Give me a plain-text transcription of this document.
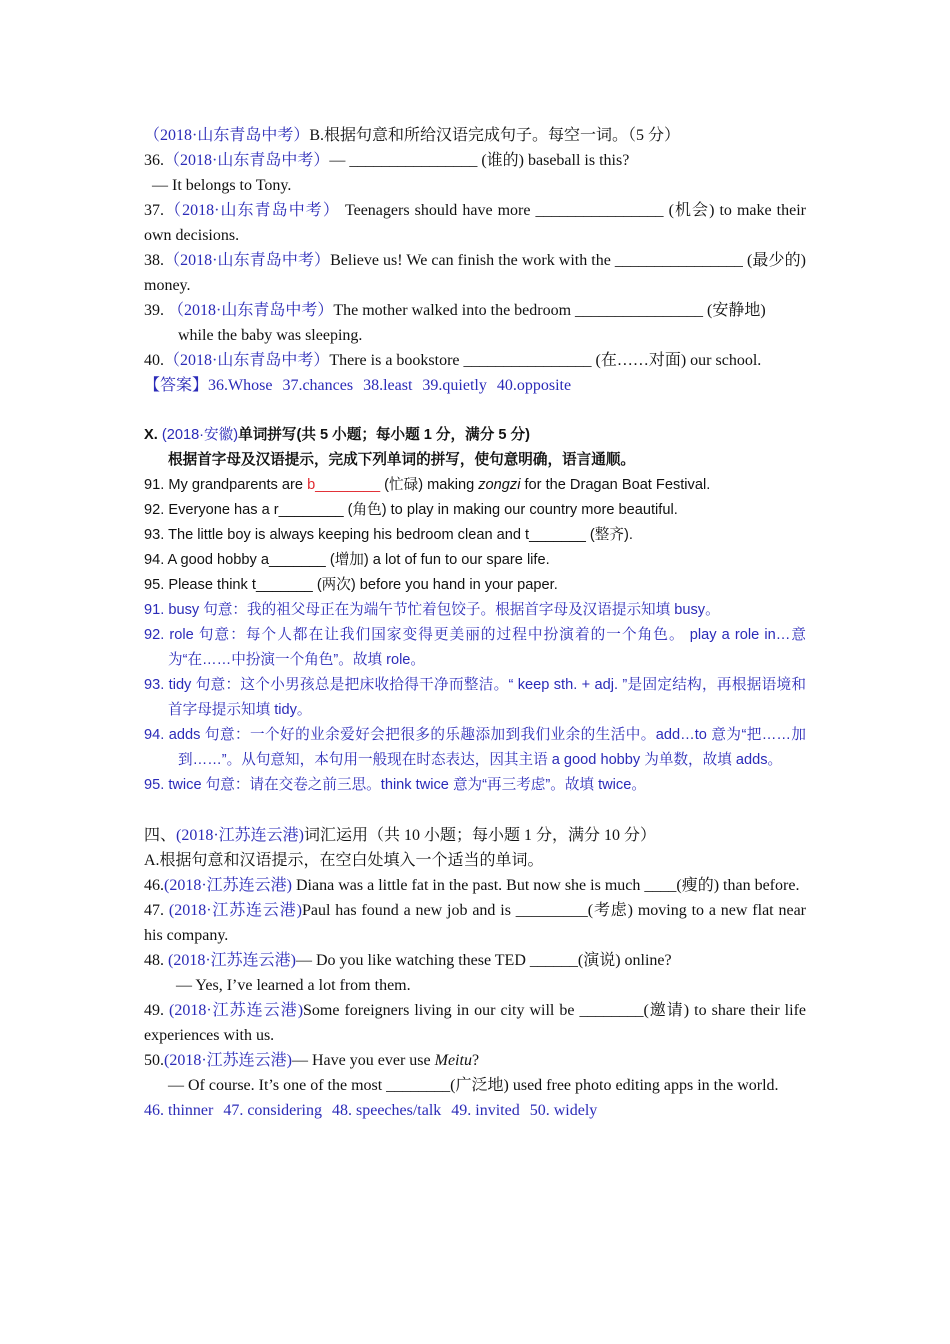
（2018·山东青岛中考）B.根据句意和所给汉语完成句子。每空一词。（5 分）
36.（2018·山东青岛中考）— ________________ (谁的) baseball is this?
— It belongs to Tony.
37.（2018·山东青岛中考） Teenagers should have more ________________ (机会) to make their own decisions.
38.（2018·山东青岛中考）Believe us! We can finish the work with the ________________ (最少的) money.
39. （2018·山东青岛中考）The mother walked into the bedroom ________________ (安静地)
while the baby was sleeping.
40.（2018·山东青岛中考）There is a bookstore ________________ (在……对面) our school.
【答案】36.Whose 37.chances 38.least 39.quietly 40.opposite
X. (2018·安徽)单词拼写(共 5 小题；每小题 1 分，满分 5 分)
根据首字母及汉语提示，完成下列单词的拼写，使句意明确，语言通顺。
91. My grandparents are b________ (忙碌) making zongzi for the Dragan Boat Festival.
92. Everyone has a r________ (角色) to play in making our country more beautiful.
93. The little boy is always keeping his bedroom clean and t_______ (整齐).
94. A good hobby a_______ (增加) a lot of fun to our spare life.
95. Please think t_______ (两次) before you hand in your paper.
91. busy 句意：我的祖父母正在为端午节忙着包饺子。根据首字母及汉语提示知填 busy。
92. role 句意：每个人都在让我们国家变得更美丽的过程中扮演着的一个角色。 play a role in…意为“在……中扮演一个角色”。故填 role。
93. tidy 句意：这个小男孩总是把床收拾得干净而整洁。“ keep sth. + adj. ”是固定结构，再根据语境和首字母提示知填 tidy。
94. adds 句意：一个好的业余爱好会把很多的乐趣添加到我们业余的生活中。add…to 意为“把……加到……”。从句意知，本句用一般现在时态表达，因其主语 a good hobby 为单数，故填 adds。
95. twice 句意：请在交卷之前三思。think twice 意为“再三考虑”。故填 twice。
四、(2018·江苏连云港)词汇运用（共 10 小题；每小题 1 分，满分 10 分）
A.根据句意和汉语提示，在空白处填入一个适当的单词。
46.(2018·江苏连云港) Diana was a little fat in the past. But now she is much ____(瘦的) than before.
47. (2018·江苏连云港)Paul has found a new job and is _________(考虑) moving to a new flat near his company.
48. (2018·江苏连云港)— Do you like watching these TED ______(演说) online?
— Yes, I’ve learned a lot from them.
49. (2018·江苏连云港)Some foreigners living in our city will be ________(邀请) to share their life experiences with us.
50.(2018·江苏连云港)— Have you ever use Meitu?
— Of course. It’s one of the most ________(广泛地) used free photo editing apps in the world.
46. thinner 47. considering 48. speeches/talk 49. invited 50. widely
